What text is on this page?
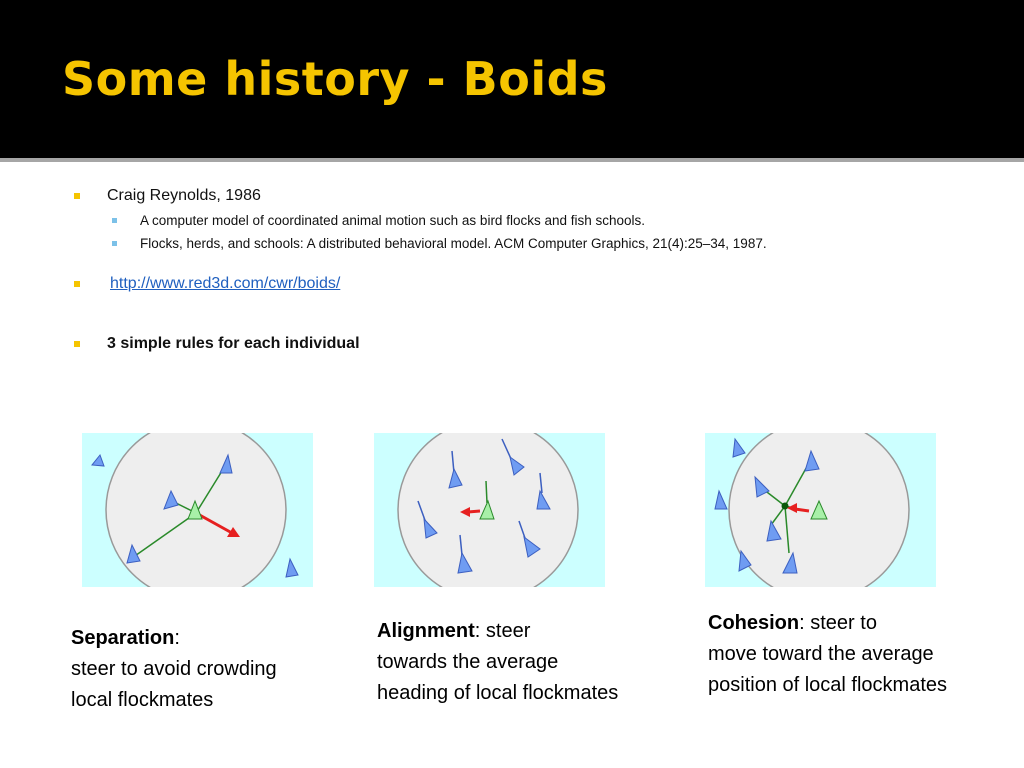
Some history - Boids
Craig Reynolds, 1986
A computer model of coordinated animal motion such as bird flocks and fish schools.
Flocks, herds, and schools: A distributed behavioral model. ACM Computer Graphics, 21(4):25–34, 1987.
http://www.red3d.com/cwr/boids/
3 simple rules for each individual
Separation:
steer to avoid crowding
local flockmates
Alignment: steer
towards the average
heading of local flockmates
Cohesion: steer to
move toward the average
position of local flockmates
